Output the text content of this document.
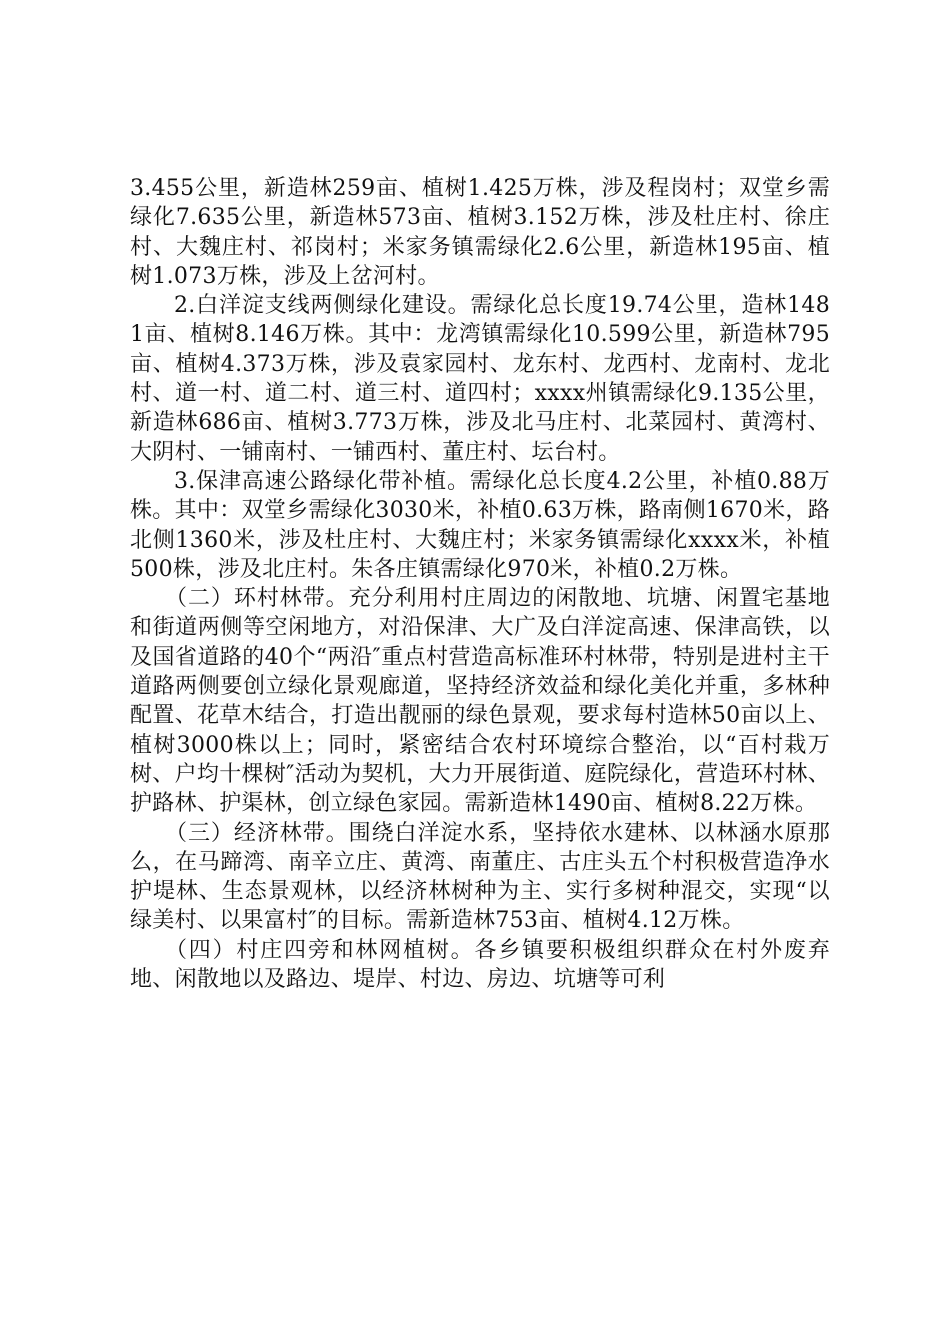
3.455公里，新造林259亩、植树1.425万株，涉及程岗村；双堂乡需绿化7.635公里，新造林573亩、植树3.152万株，涉及杜庄村、徐庄村、大魏庄村、祁岗村；米家务镇需绿化2.6公里，新造林195亩、植树1.073万株，涉及上岔河村。

2.白洋淀支线两侧绿化建设。需绿化总长度19.74公里，造林1481亩、植树8.146万株。其中：龙湾镇需绿化10.599公里，新造林795亩、植树4.373万株，涉及袁家园村、龙东村、龙西村、龙南村、龙北村、道一村、道二村、道三村、道四村；xxxx州镇需绿化9.135公里，新造林686亩、植树3.773万株，涉及北马庄村、北菜园村、黄湾村、大阴村、一铺南村、一铺西村、董庄村、坛台村。

3.保津高速公路绿化带补植。需绿化总长度4.2公里，补植0.88万株。其中：双堂乡需绿化3030米，补植0.63万株，路南侧1670米，路北侧1360米，涉及杜庄村、大魏庄村；米家务镇需绿化xxxx米，补植500株，涉及北庄村。朱各庄镇需绿化970米，补植0.2万株。

（二）环村林带。充分利用村庄周边的闲散地、坑塘、闲置宅基地和街道两侧等空闲地方，对沿保津、大广及白洋淀高速、保津高铁，以及国省道路的40个“两沿″重点村营造高标准环村林带，特别是进村主干道路两侧要创立绿化景观廊道，坚持经济效益和绿化美化并重，多林种配置、花草木结合，打造出靓丽的绿色景观，要求每村造林50亩以上、植树3000株以上；同时，紧密结合农村环境综合整治，以“百村栽万树、户均十棵树″活动为契机，大力开展街道、庭院绿化，营造环村林、护路林、护渠林，创立绿色家园。需新造林1490亩、植树8.22万株。

（三）经济林带。围绕白洋淀水系，坚持依水建林、以林涵水原那么，在马蹄湾、南辛立庄、黄湾、南董庄、古庄头五个村积极营造净水护堤林、生态景观林，以经济林树种为主、实行多树种混交，实现“以绿美村、以果富村″的目标。需新造林753亩、植树4.12万株。

（四）村庄四旁和林网植树。各乡镇要积极组织群众在村外废弃地、闲散地以及路边、堤岸、村边、房边、坑塘等可利
